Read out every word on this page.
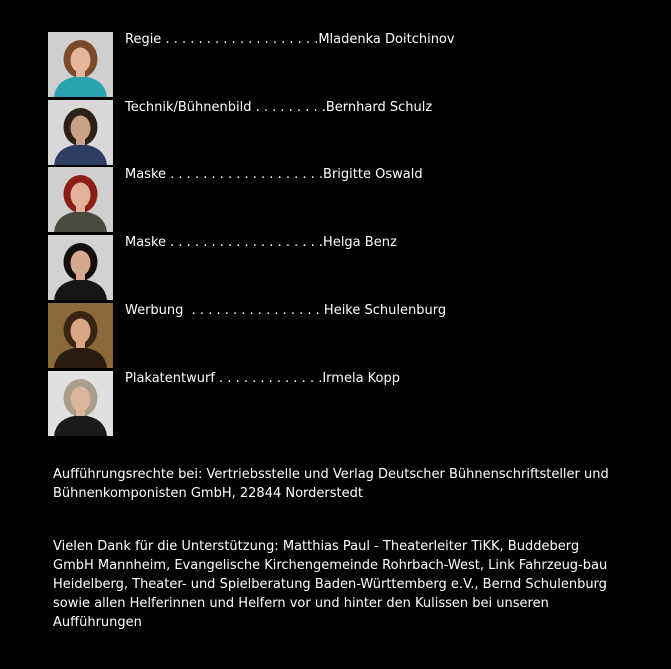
Regie . . . . . . . . . . . . . . . . . . .Mladenka Doitchinov
Technik/Bühnenbild . . . . . . . . .Bernhard Schulz
Maske . . . . . . . . . . . . . . . . . . .Brigitte Oswald
Maske . . . . . . . . . . . . . . . . . . .Helga Benz
Werbung  . . . . . . . . . . . . . . . . Heike Schulenburg
Plakatentwurf . . . . . . . . . . . . .Irmela Kopp
Aufführungsrechte bei: Vertriebsstelle und Verlag Deutscher Bühnenschriftsteller und Bühnenkomponisten GmbH, 22844 Norderstedt
Vielen Dank für die Unterstützung: Matthias Paul - Theaterleiter TiKK, Buddeberg GmbH Mannheim, Evangelische Kirchengemeinde Rohrbach-West, Link Fahrzeug-bau Heidelberg, Theater- und Spielberatung Baden-Württemberg e.V., Bernd Schulenburg sowie allen Helferinnen und Helfern vor und hinter den Kulissen bei unseren Aufführungen
